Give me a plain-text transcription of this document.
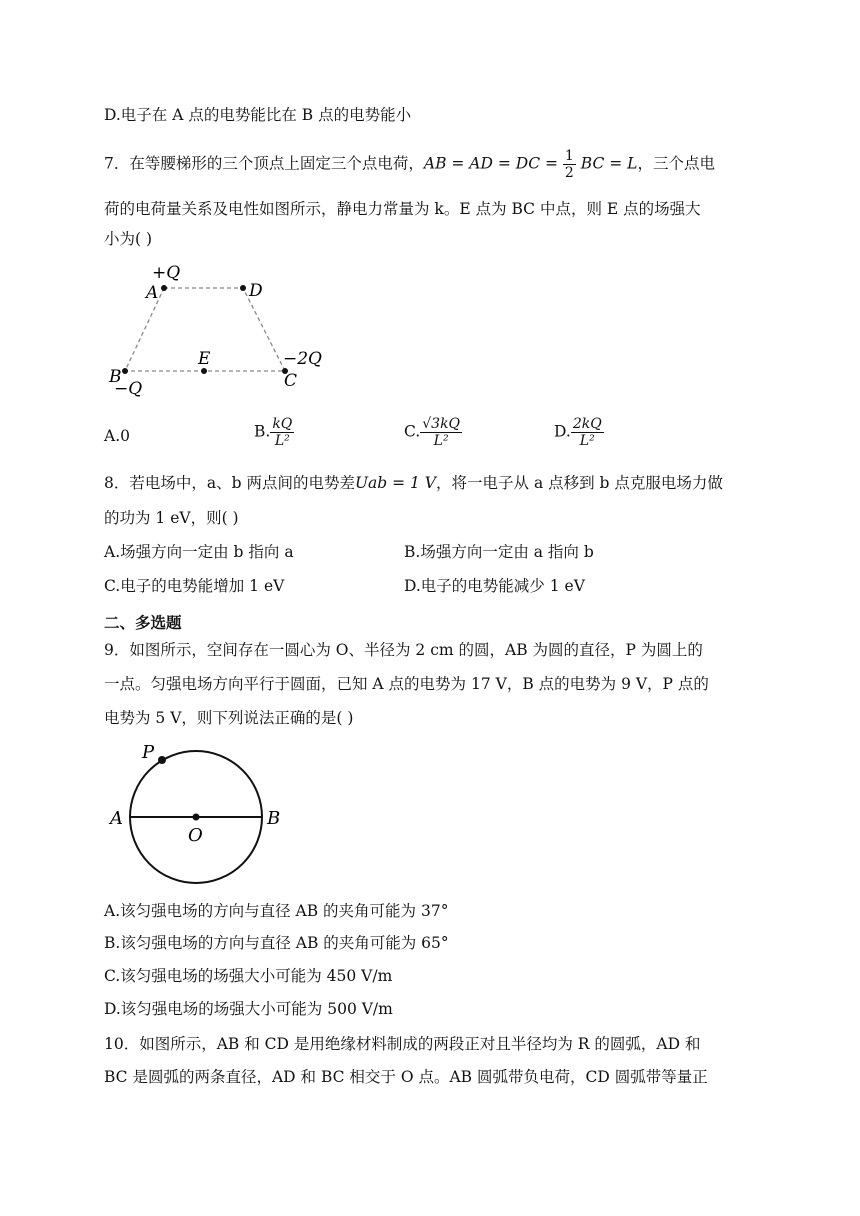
D.电子在 A 点的电势能比在 B 点的电势能小
7．在等腰梯形的三个顶点上固定三个点电荷，AB = AD = DC = $\frac{1}{2}$ BC = L，三个点电
荷的电荷量关系及电性如图所示，静电力常量为 k。E 点为 BC 中点，则 E 点的场强大
小为( )
+Q
A	D
E	−2Q
C
B
−Q
A.0	B. $\frac{kQ}{\text{L²}}$	C. $\frac{√3kQ}{\text{L²}}$	D. $\frac{2kQ}{\text{L²}}$
8．若电场中，a、b 两点间的电势差Uab = 1 V，将一电子从 a 点移到 b 点克服电场力做
的功为 1 eV，则( )
A.场强方向一定由 b 指向 a	B.场强方向一定由 a 指向 b
C.电子的电势能增加 1 eV	D.电子的电势能减少 1 eV
二、多选题
9．如图所示，空间存在一圆心为 O、半径为 2 cm 的圆，AB 为圆的直径，P 为圆上的
一点。匀强电场方向平行于圆面，已知 A 点的电势为 17 V，B 点的电势为 9 V，P 点的
电势为 5 V，则下列说法正确的是( )
P
A
O
B
A.该匀强电场的方向与直径 AB 的夹角可能为 37°
B.该匀强电场的方向与直径 AB 的夹角可能为 65°
C.该匀强电场的场强大小可能为 450 V/m
D.该匀强电场的场强大小可能为 500 V/m
10．如图所示，AB 和 CD 是用绝缘材料制成的两段正对且半径均为 R 的圆弧，AD 和
BC 是圆弧的两条直径，AD 和 BC 相交于 O 点。AB 圆弧带负电荷，CD 圆弧带等量正
